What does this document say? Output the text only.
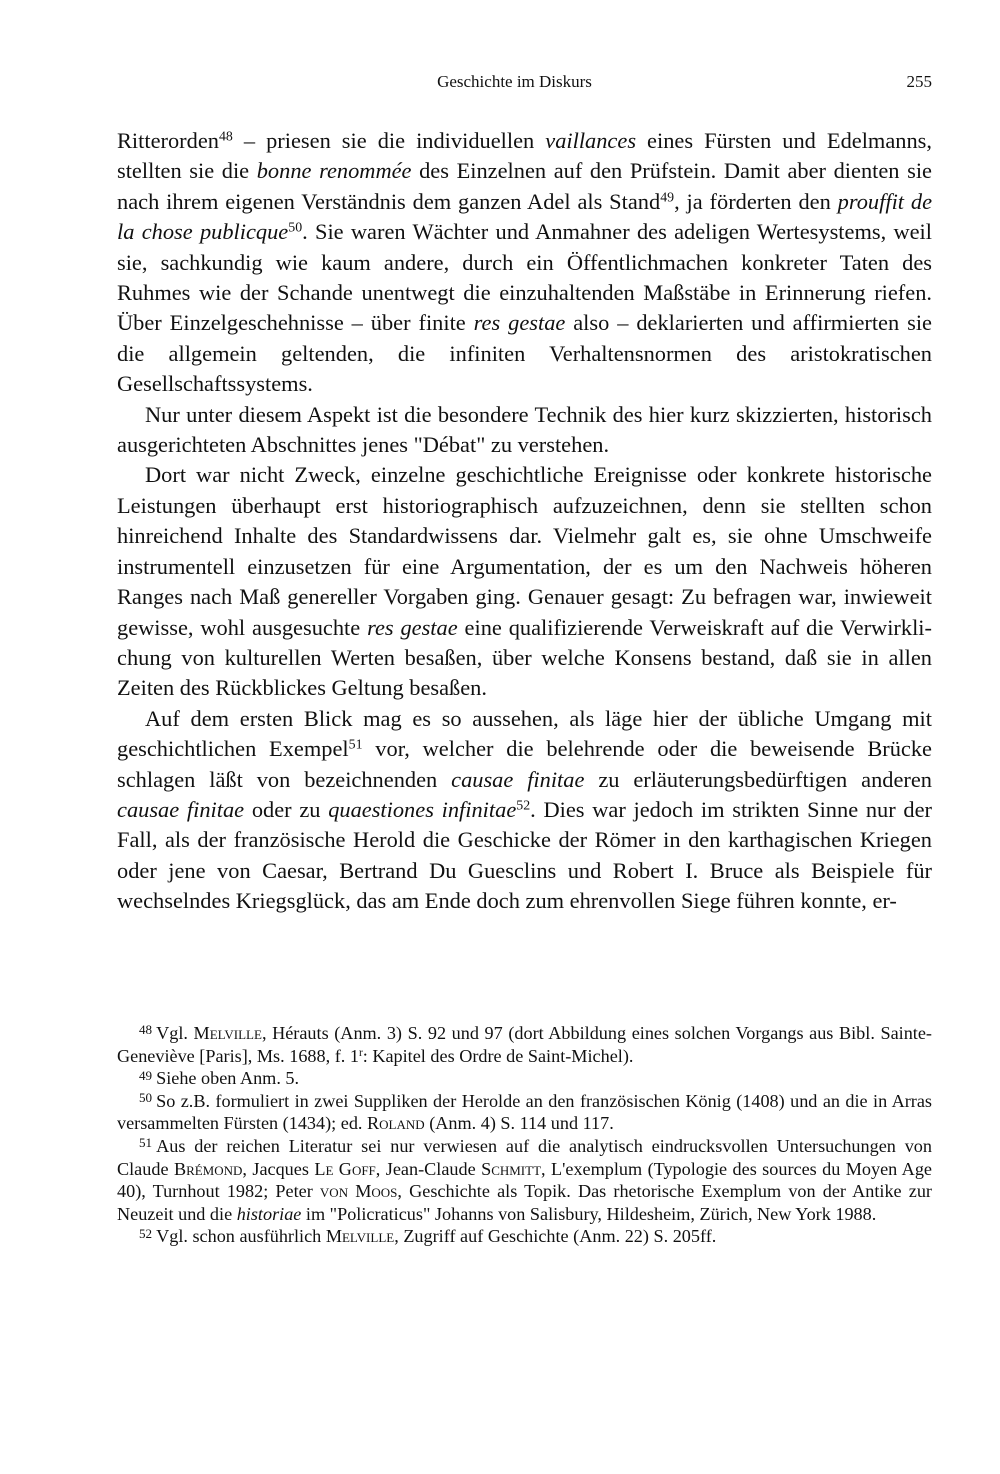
Geschichte im Diskurs	255

Ritterorden$^{48}$ – priesen sie die individuellen vaillances eines Fürsten und Edelmanns, stellten sie die bonne renommée des Einzelnen auf den Prüfstein. Damit aber dienten sie nach ihrem eigenen Verständnis dem ganzen Adel als Stand$^{49}$, ja förderten den prouffit de la chose publicque$^{50}$. Sie waren Wächter und Anmahner des adeligen Wertesystems, weil sie, sachkundig wie kaum andere, durch ein Öffentlichmachen konkreter Taten des Ruhmes wie der Schande unentwegt die einzuhaltenden Maßstäbe in Erinnerung riefen. Über Einzelgeschehnisse – über finite res gestae also – deklarierten und affirmierten sie die allgemein geltenden, die infiniten Verhaltensnormen des aristokratischen Gesellschaftssystems.

Nur unter diesem Aspekt ist die besondere Technik des hier kurz skizzierten, historisch ausgerichteten Abschnittes jenes "Débat" zu verstehen.

Dort war nicht Zweck, einzelne geschichtliche Ereignisse oder konkrete historische Leistungen überhaupt erst historiographisch aufzuzeichnen, denn sie stellten schon hinreichend Inhalte des Standardwissens dar. Vielmehr galt es, sie ohne Umschweife instrumentell einzusetzen für eine Argumentation, der es um den Nachweis höheren Ranges nach Maß genereller Vorgaben ging. Genauer gesagt: Zu befragen war, inwieweit gewisse, wohl ausgesuchte res gestae eine qualifizierende Verweiskraft auf die Verwirklichung von kulturellen Werten besaßen, über welche Konsens bestand, daß sie in allen Zeiten des Rückblickes Geltung besaßen.

Auf dem ersten Blick mag es so aussehen, als läge hier der übliche Umgang mit geschichtlichen Exempel$^{51}$ vor, welcher die belehrende oder die beweisende Brücke schlagen läßt von bezeichnenden causae finitae zu erläuterungsbedürftigen anderen causae finitae oder zu quaestiones infinitae$^{52}$. Dies war jedoch im strikten Sinne nur der Fall, als der französische Herold die Geschicke der Römer in den karthagischen Kriegen oder jene von Caesar, Bertrand Du Guesclins und Robert I. Bruce als Beispiele für wechselndes Kriegsglück, das am Ende doch zum ehrenvollen Siege führen konnte, er-

$^{48}$ Vgl. Melville, Hérauts (Anm. 3) S. 92 und 97 (dort Abbildung eines solchen Vorgangs aus Bibl. Sainte-Geneviève [Paris], Ms. 1688, f. 1$^r$: Kapitel des Ordre de Saint-Michel).

$^{49}$ Siehe oben Anm. 5.

$^{50}$ So z.B. formuliert in zwei Suppliken der Herolde an den französischen König (1408) und an die in Arras versammelten Fürsten (1434); ed. Roland (Anm. 4) S. 114 und 117.

$^{51}$ Aus der reichen Literatur sei nur verwiesen auf die analytisch eindrucksvollen Untersuchungen von Claude Brémond, Jacques Le Goff, Jean-Claude Schmitt, L'exemplum (Typologie des sources du Moyen Age 40), Turnhout 1982; Peter von Moos, Geschichte als Topik. Das rhetorische Exemplum von der Antike zur Neuzeit und die historiae im "Policraticus" Johanns von Salisbury, Hildesheim, Zürich, New York 1988.

$^{52}$ Vgl. schon ausführlich Melville, Zugriff auf Geschichte (Anm. 22) S. 205ff.
